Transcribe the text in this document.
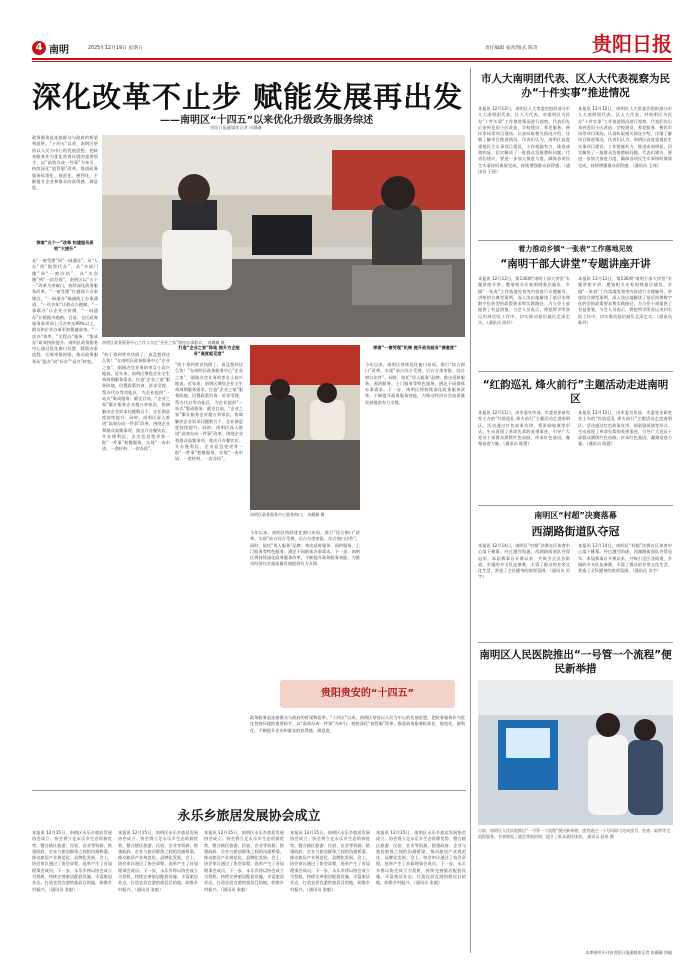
4 南明	2025年12月19日 星期五	责任编辑 张青/版式 陈奇	贵阳日报
深化改革不止步 赋能发展再出发
——南明区“十四五”以来优化升级政务服务综述
贵阳日报融媒体记者 冉珊珊
南明区政务服务中心工作人员在“企业之家”接待办事群众。 冉珊珊 摄
政务服务是连接群众与政府的桥梁和纽带。“十四五”以来，南明区坚持以人民为中心的发展思想，把政务服务作为优化营商环境的重要抓手，以“高效办成一件事”为牵引，持续深化“放管服”改革，推进政务服务标准化、规范化、便利化，不断提升企业和群众的获得感、满意度。
探索“五个一”改革 构建服务质效“大提升”
从“一窗受理”到“一网通办”，从“人办”到“数智代办”，从“多部门跑”到“一窗办结”，从“多次跑”到“一次办成”，南明区以“五个一”改革为突破口，持续深化政务服务改革。“一窗受理”打通线下办事堵点，“一网通办”畅通线上办事通道，“一次告知”让群众少跑腿，“一事联办”让企业少折腾，“一码通办”让数据多跑路。目前，全区政务服务事项网上可办率达99%以上，群众和企业办事更加便捷高效。“一次办”效率，“全程办”服务，“集成办”质效持续提升。南明区政务服务中心通过优化窗口设置、精简办事流程、压缩审批时限，推动政务服务从“能办”向“好办”“易办”转变。
“终于拿到营业执照了，真没想到这么快！”在南明区政务服务中心“企业之家”，刚刚办完业务的李女士高兴地说。近年来，南明区聚焦企业全生命周期服务需求，打造“企业之家”服务阵地，设置政策咨询、诉求受理、帮办代办等功能区，为企业提供“一站式”集成服务。截至目前，“企业之家”累计服务企业超万余家次，协调解决企业诉求问题数百个，企业满意度持续提升。同时，南明区深入推进“高效办成一件事”改革，围绕企业和群众高频事项，推出开办餐饮店、开办便利店、企业信息变更等一批“一件事”套餐服务，实现“一表申请、一套材料、一次办结”。
打造“企业之家”阵地 提升为企服务“高度能见度”
“终于拿到营业执照了，真没想到这么快！”在南明区政务服务中心“企业之家”，刚刚办完业务的李女士高兴地说。近年来，南明区聚焦企业全生命周期服务需求，打造“企业之家”服务阵地，设置政策咨询、诉求受理、帮办代办等功能区，为企业提供“一站式”集成服务。截至目前，“企业之家”累计服务企业超万余家次，协调解决企业诉求问题数百个，企业满意度持续提升。同时，南明区深入推进“高效办成一件事”改革，围绕企业和群众高频事项，推出开办餐饮店、开办便利店、企业信息变更等一批“一件事”套餐服务，实现“一表申请、一套材料、一次办结”。
南明区政务服务中心服务窗口。 冉珊珊 摄
今年以来，南明区持续优化窗口布局，推行“综合窗口”改革，实现“前台综合受理、后台分类审批、综合窗口出件”。同时，依托“贵人服务”品牌，推出延时服务、预约服务、上门服务等特色服务，满足不同群体办事需求。下一步，南明区将持续深化政务服务改革，不断提升政务服务效能，为推动经济社会高质量发展提供有力支撑。
探索“一窗受理”机制 提升政务服务“满意度”
今年以来，南明区持续优化窗口布局，推行“综合窗口”改革，实现“前台综合受理、后台分类审批、综合窗口出件”。同时，依托“贵人服务”品牌，推出延时服务、预约服务、上门服务等特色服务，满足不同群体办事需求。下一步，南明区将持续深化政务服务改革，不断提升政务服务效能，为推动经济社会高质量发展提供有力支撑。
贵阳贵安的“十四五”
政务服务是连接群众与政府的桥梁和纽带。“十四五”以来，南明区坚持以人民为中心的发展思想，把政务服务作为优化营商环境的重要抓手，以“高效办成一件事”为牵引，持续深化“放管服”改革，推进政务服务标准化、规范化、便利化，不断提升企业和群众的获得感、满意度。
市人大南明团代表、区人大代表视察为民办“十件实事”推进情况
本报讯 12月12日，南明区人大常委会组织部分市人大南明团代表、区人大代表，对南明区为民办“十件实事”工作推进情况进行视察。代表们先后来到老旧小区改造、学校建设、养老服务、便民市场等项目现场，认真听取相关情况介绍，详细了解项目推进情况。代表们认为，南明区高度重视民生实事项目建设，工作措施有力，推进成效明显，切实解决了一批群众急难愁盼问题。代表们建议，要进一步加大推进力度，确保各项民生实事按时保质完成，持续增强群众获得感。（通讯员 王瑶）
本报讯 12月12日，南明区人大常委会组织部分市人大南明团代表、区人大代表，对南明区为民办“十件实事”工作推进情况进行视察。代表们先后来到老旧小区改造、学校建设、养老服务、便民市场等项目现场，认真听取相关情况介绍，详细了解项目推进情况。代表们认为，南明区高度重视民生实事项目建设，工作措施有力，推进成效明显，切实解决了一批群众急难愁盼问题。代表们建议，要进一步加大推进力度，确保各项民生实事按时保质完成，持续增强群众获得感。（通讯员 王瑶）
着力推动乡镇“一张表”工作落地见效
“南明干部大讲堂”专题讲座开讲
本报讯 12月12日，第136期“南明干部大讲堂”专题讲座开讲。邀请相关专家围绕基层减负、乡镇“一张表”工作落地见效等内容进行专题辅导。讲座结合典型案例，深入浅出地解读了基层治理数字化转型的政策要求和实践路径，为与会干部提供了有益借鉴。与会人员表示，将把所学所获运用到实际工作中，切实推动基层减负走深走实。（通讯员 陈玲）
本报讯 12月12日，第136期“南明干部大讲堂”专题讲座开讲。邀请相关专家围绕基层减负、乡镇“一张表”工作落地见效等内容进行专题辅导。讲座结合典型案例，深入浅出地解读了基层治理数字化转型的政策要求和实践路径，为与会干部提供了有益借鉴。与会人员表示，将把所学所获运用到实际工作中，切实推动基层减负走深走实。（通讯员 陈玲）
“红韵巡礼 烽火前行”主题活动走进南明区
本报讯 12月11日，由市委宣传部、市委党史研究室主办的“红韵巡礼 烽火前行”主题活动走进南明区。活动通过红色故事宣讲、情景剧展演等形式，生动再现了革命先辈的英勇事迹，引导广大党员干部群众赓续红色血脉，传承红色基因，凝聚奋进力量。（通讯员 陈慧）
本报讯 12月11日，由市委宣传部、市委党史研究室主办的“红韵巡礼 烽火前行”主题活动走进南明区。活动通过红色故事宣讲、情景剧展演等形式，生动再现了革命先辈的英勇事迹，引导广大党员干部群众赓续红色血脉，传承红色基因，凝聚奋进力量。（通讯员 陈慧）
南明区“村超”决赛落幕
西湖路街道队夺冠
本报讯 12月14日，南明区“村超”决赛在区体育中心落下帷幕。经过激烈角逐，西湖路街道队夺得冠军。本届赛事自开赛以来，共吸引全区各街道、乡镇的多支队伍参赛，丰富了群众的业余文化生活，营造了全民健身的浓厚氛围。（通讯员 吴宇）
本报讯 12月14日，南明区“村超”决赛在区体育中心落下帷幕。经过激烈角逐，西湖路街道队夺得冠军。本届赛事自开赛以来，共吸引全区各街道、乡镇的多支队伍参赛，丰富了群众的业余文化生活，营造了全民健身的浓厚氛围。（通讯员 吴宇）
南明区人民医院推出“一号管一个流程”便民新举措
日前，南明区人民医院推出“一号管一个流程”便民新举措，患者通过一个号码即可完成挂号、检查、取药等全流程服务，有效缩短了就医等候时间，提升了群众就医体验。 通讯员 赵冰 摄
永乐乡旅居发展协会成立
本报讯 12月15日，南明区永乐乡旅居发展协会成立。协会将立足永乐乡生态资源优势，整合辖区旅游、民宿、农业等资源，搭建政府、企业与旅居群体之间的沟通桥梁，推动旅居产业规范化、品牌化发展。会上，协会审议通过了协会章程，选举产生了首届理事会成员。下一步，永乐乡将以协会成立为契机，持续完善旅居配套设施，丰富旅居业态，打造宜居宜游的旅居目的地，助推乡村振兴。（通讯员 张毅）
本报讯 12月15日，南明区永乐乡旅居发展协会成立。协会将立足永乐乡生态资源优势，整合辖区旅游、民宿、农业等资源，搭建政府、企业与旅居群体之间的沟通桥梁，推动旅居产业规范化、品牌化发展。会上，协会审议通过了协会章程，选举产生了首届理事会成员。下一步，永乐乡将以协会成立为契机，持续完善旅居配套设施，丰富旅居业态，打造宜居宜游的旅居目的地，助推乡村振兴。（通讯员 张毅）
本报讯 12月15日，南明区永乐乡旅居发展协会成立。协会将立足永乐乡生态资源优势，整合辖区旅游、民宿、农业等资源，搭建政府、企业与旅居群体之间的沟通桥梁，推动旅居产业规范化、品牌化发展。会上，协会审议通过了协会章程，选举产生了首届理事会成员。下一步，永乐乡将以协会成立为契机，持续完善旅居配套设施，丰富旅居业态，打造宜居宜游的旅居目的地，助推乡村振兴。（通讯员 张毅）
本报讯 12月15日，南明区永乐乡旅居发展协会成立。协会将立足永乐乡生态资源优势，整合辖区旅游、民宿、农业等资源，搭建政府、企业与旅居群体之间的沟通桥梁，推动旅居产业规范化、品牌化发展。会上，协会审议通过了协会章程，选举产生了首届理事会成员。下一步，永乐乡将以协会成立为契机，持续完善旅居配套设施，丰富旅居业态，打造宜居宜游的旅居目的地，助推乡村振兴。（通讯员 张毅）
本报讯 12月15日，南明区永乐乡旅居发展协会成立。协会将立足永乐乡生态资源优势，整合辖区旅游、民宿、农业等资源，搭建政府、企业与旅居群体之间的沟通桥梁，推动旅居产业规范化、品牌化发展。会上，协会审议通过了协会章程，选举产生了首届理事会成员。下一步，永乐乡将以协会成立为契机，持续完善旅居配套设施，丰富旅居业态，打造宜居宜游的旅居目的地，助推乡村振兴。（通讯员 张毅）
本期南明专刊由贵阳日报融媒体记者 冉珊珊 协编
